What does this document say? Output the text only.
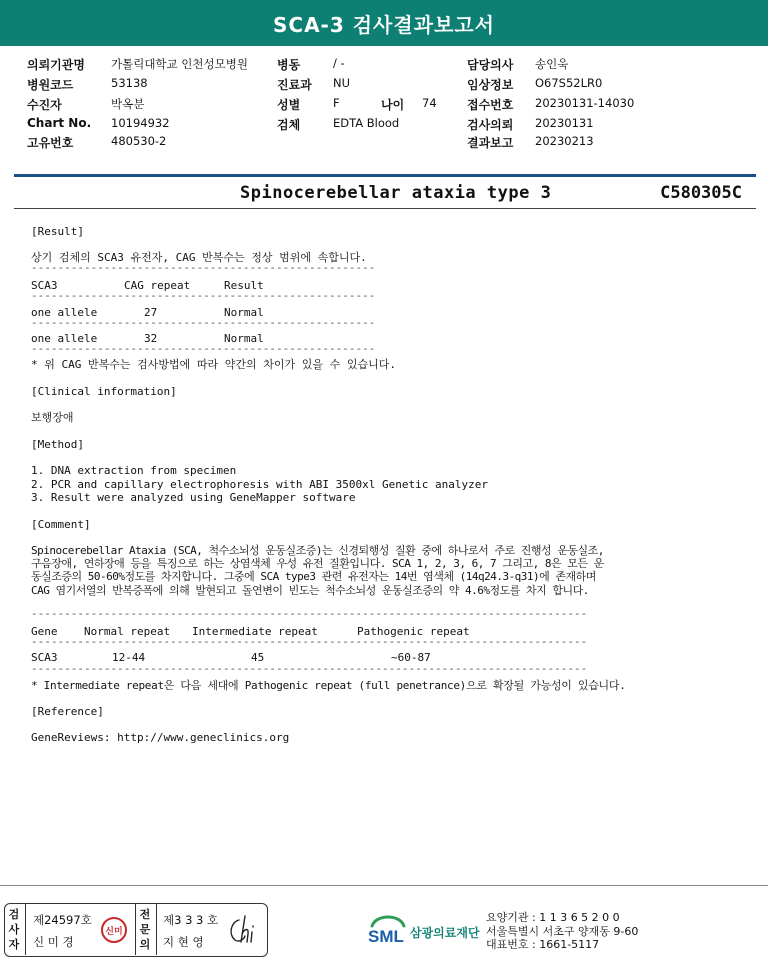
SCA-3 검사결과보고서
의뢰기관명 가톨릭대학교 인천성모병원
병원코드	53138
수진자	박옥분
Chart No. 10194932
고유번호	480530-2
병동	/ -
진료과 NU
성별	F	나이 74
검체	EDTA Blood
담당의사 송인욱
임상정보 O67S52LR0
접수번호 20230131-14030
검사의뢰 20230131
결과보고 20230213
Spinocerebellar ataxia type 3	C580305C
[Result]
상기 검체의 SCA3 유전자, CAG 반복수는 정상 범위에 속합니다.
----------------------------------------------------
SCA3	CAG repeat	Result
----------------------------------------------------
one allele	27	Normal
----------------------------------------------------
one allele	32	Normal
----------------------------------------------------
* 위 CAG 반복수는 검사방법에 따라 약간의 차이가 있을 수 있습니다.
[Clinical information]
보행장애
[Method]
1. DNA extraction from specimen
2. PCR and capillary electrophoresis with ABI 3500xl Genetic analyzer
3. Result were analyzed using GeneMapper software
[Comment]
Spinocerebellar Ataxia (SCA, 척수소뇌성 운동실조증)는 신경퇴행성 질환 중에 하나로서 주로 진행성 운동실조,
구음장애, 연하장애 등을 특징으로 하는 상염색체 우성 유전 질환입니다. SCA 1, 2, 3, 6, 7 그리고, 8은 모든 운
동실조증의 50-60%정도를 차지합니다. 그중에 SCA type3 관련 유전자는 14번 염색체 (14q24.3-q31)에 존재하며
CAG 염기서열의 반복증폭에 의해 발현되고 돌연변이 빈도는 척수소뇌성 운동실조증의 약 4.6%정도를 차지 합니다.
------------------------------------------------------------------------------------
Gene Normal repeat Intermediate repeat	Pathogenic repeat
------------------------------------------------------------------------------------
SCA3	12-44	45	~60-87
------------------------------------------------------------------------------------
* Intermediate repeat은 다음 세대에 Pathogenic repeat (full penetrance)으로 확장될 가능성이 있습니다.
[Reference]
GeneReviews: http://www.geneclinics.org
검
사
자
제24597호
신 미 경
신미
전
문
의
제3 3 3 호
지 현 영	SML 삼광의료재단
요양기관 : 1 1 3 6 5 2 0 0
서울특별시 서초구 양재동 9-60
대표번호 : 1661-5117
